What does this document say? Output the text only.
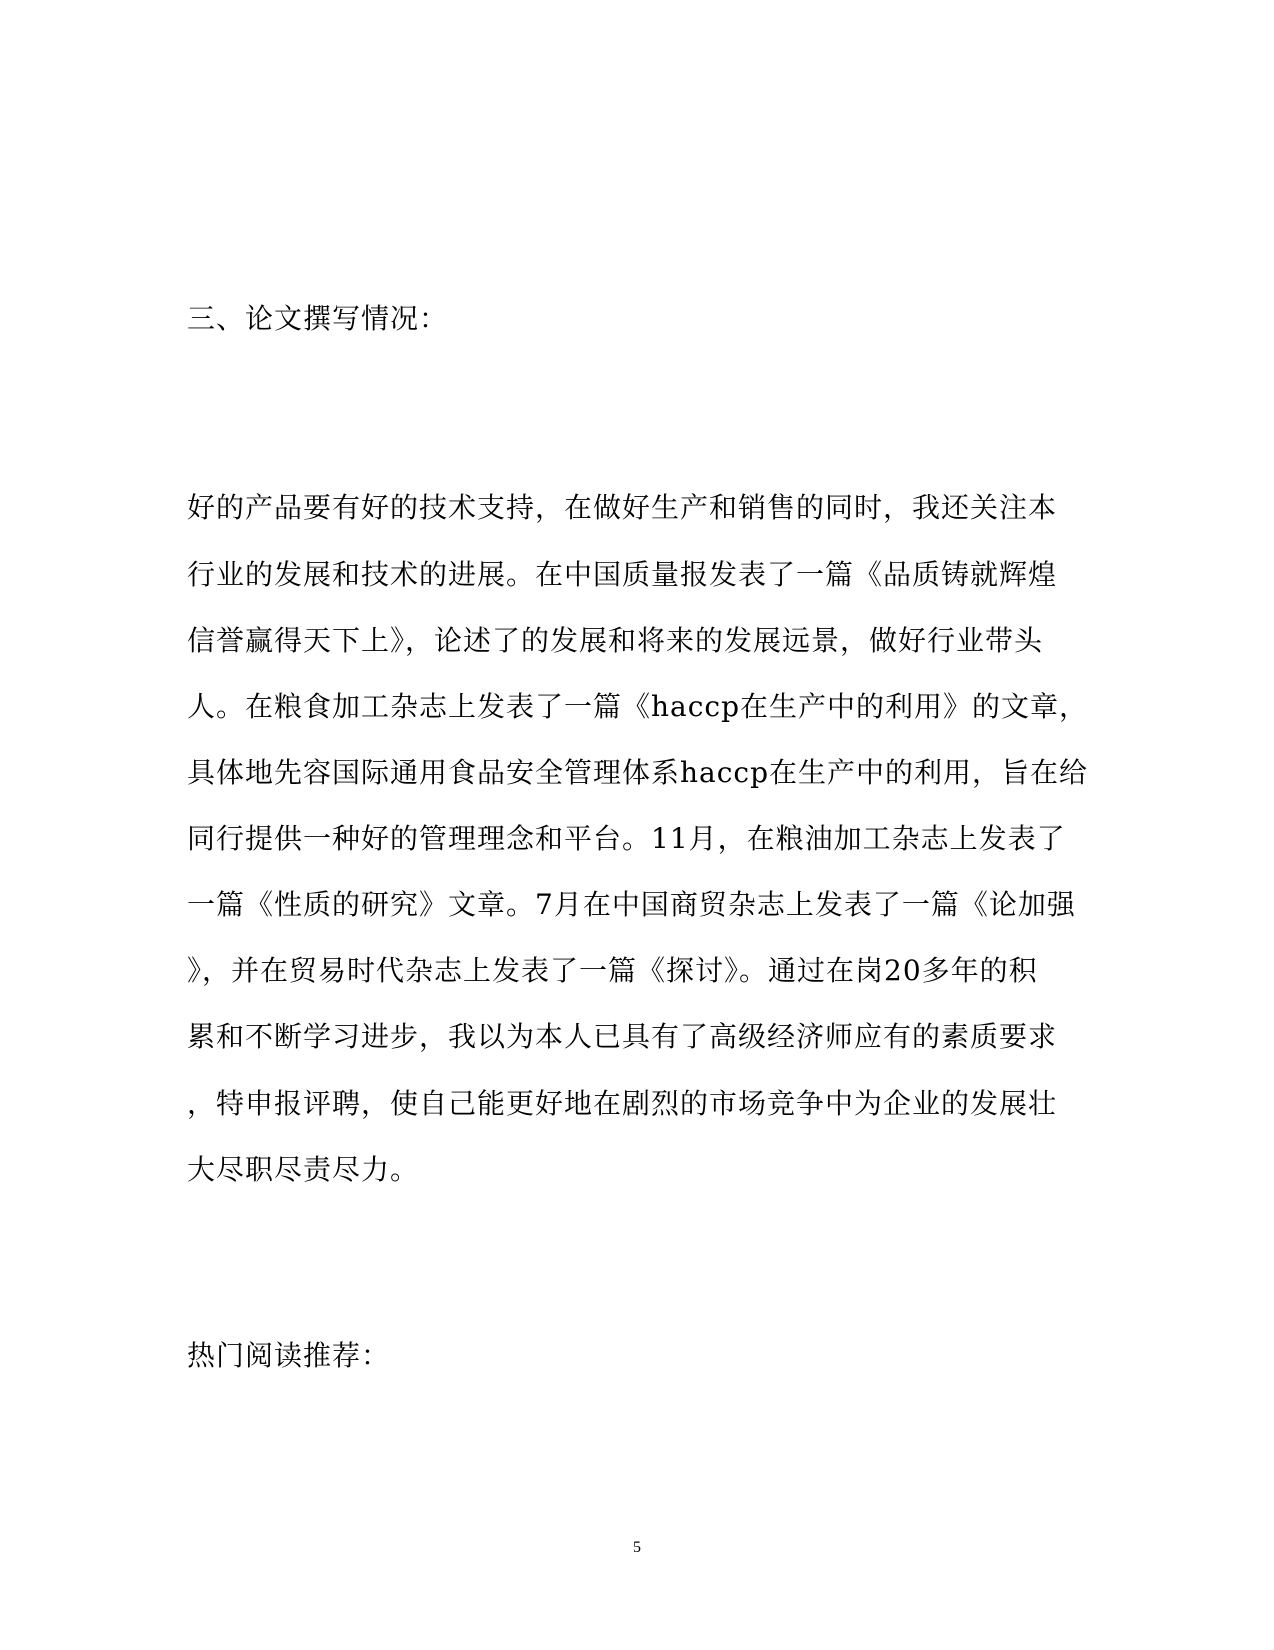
三、论文撰写情况：
好的产品要有好的技术支持，在做好生产和销售的同时，我还关注本
行业的发展和技术的进展。在中国质量报发表了一篇《品质铸就辉煌
信誉赢得天下上》，论述了的发展和将来的发展远景，做好行业带头
人。在粮食加工杂志上发表了一篇《haccp在生产中的利用》的文章，
具体地先容国际通用食品安全管理体系haccp在生产中的利用，旨在给
同行提供一种好的管理理念和平台。11月，在粮油加工杂志上发表了
一篇《性质的研究》文章。7月在中国商贸杂志上发表了一篇《论加强
》，并在贸易时代杂志上发表了一篇《探讨》。通过在岗20多年的积
累和不断学习进步，我以为本人已具有了高级经济师应有的素质要求
，特申报评聘，使自己能更好地在剧烈的市场竞争中为企业的发展壮
大尽职尽责尽力。
热门阅读推荐：
5
